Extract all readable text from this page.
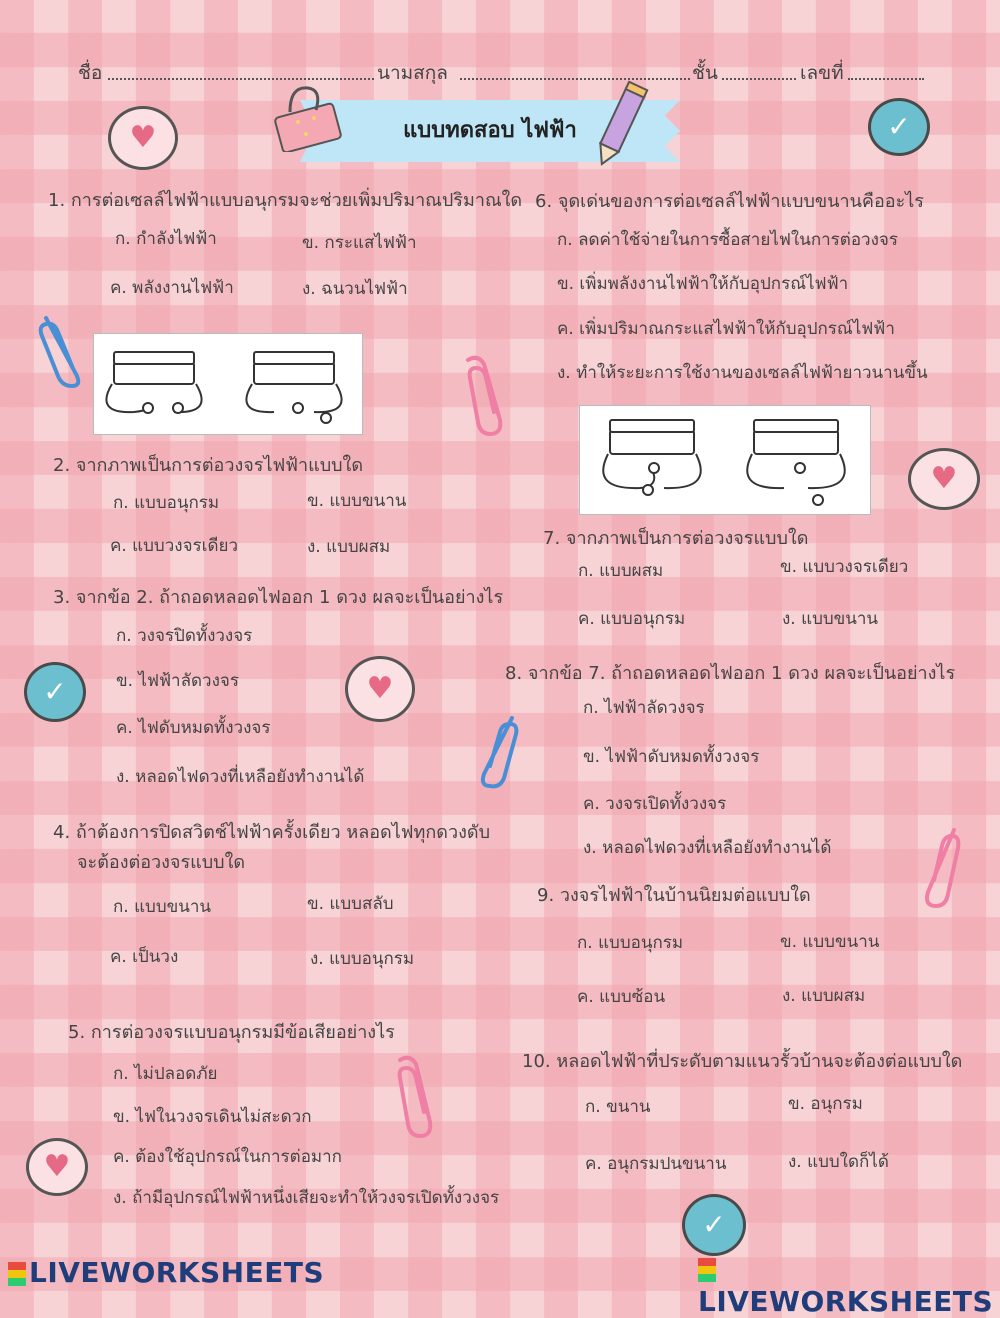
ชื่อ	นามสกุล	ชั้น	เลขที่
แบบทดสอบ ไฟฟ้า
♥	✓
♥
✓	♥
♥
✓
1. การต่อเซลล์ไฟฟ้าแบบอนุกรมจะช่วยเพิ่มปริมาณปริมาณใด
ก. กำลังไฟฟ้า	ข. กระแสไฟฟ้า
ค. พลังงานไฟฟ้า	ง. ฉนวนไฟฟ้า
2. จากภาพเป็นการต่อวงจรไฟฟ้าแบบใด
ก. แบบอนุกรม	ข. แบบขนาน
ค. แบบวงจรเดียว	ง. แบบผสม
3. จากข้อ 2. ถ้าถอดหลอดไฟออก 1 ดวง ผลจะเป็นอย่างไร
ก. วงจรปิดทั้งวงจร
ข. ไฟฟ้าลัดวงจร
ค. ไฟดับหมดทั้งวงจร
ง. หลอดไฟดวงที่เหลือยังทำงานได้
4. ถ้าต้องการปิดสวิตช์ไฟฟ้าครั้งเดียว หลอดไฟทุกดวงดับ
จะต้องต่อวงจรแบบใด
ก. แบบขนาน	ข. แบบสลับ
ค. เป็นวง	ง. แบบอนุกรม
5. การต่อวงจรแบบอนุกรมมีข้อเสียอย่างไร
ก. ไม่ปลอดภัย
ข. ไฟในวงจรเดินไม่สะดวก
ค. ต้องใช้อุปกรณ์ในการต่อมาก
ง. ถ้ามีอุปกรณ์ไฟฟ้าหนึ่งเสียจะทำให้วงจรเปิดทั้งวงจร
6. จุดเด่นของการต่อเซลล์ไฟฟ้าแบบขนานคืออะไร
ก. ลดค่าใช้จ่ายในการซื้อสายไฟในการต่อวงจร
ข. เพิ่มพลังงานไฟฟ้าให้กับอุปกรณ์ไฟฟ้า
ค. เพิ่มปริมาณกระแสไฟฟ้าให้กับอุปกรณ์ไฟฟ้า
ง. ทำให้ระยะการใช้งานของเซลล์ไฟฟ้ายาวนานขึ้น
7. จากภาพเป็นการต่อวงจรแบบใด
ก. แบบผสม	ข. แบบวงจรเดียว
ค. แบบอนุกรม	ง. แบบขนาน
8. จากข้อ 7. ถ้าถอดหลอดไฟออก 1 ดวง ผลจะเป็นอย่างไร
ก. ไฟฟ้าลัดวงจร
ข. ไฟฟ้าดับหมดทั้งวงจร
ค. วงจรเปิดทั้งวงจร
ง. หลอดไฟดวงที่เหลือยังทำงานได้
9. วงจรไฟฟ้าในบ้านนิยมต่อแบบใด
ก. แบบอนุกรม	ข. แบบขนาน
ค. แบบซ้อน	ง. แบบผสม
10. หลอดไฟฟ้าที่ประดับตามแนวรั้วบ้านจะต้องต่อแบบใด
ก. ขนาน	ข. อนุกรม
ค. อนุกรมปนขนาน	ง. แบบใดก็ได้
LIVEWORKSHEETS
LIVEWORKSHEETS
